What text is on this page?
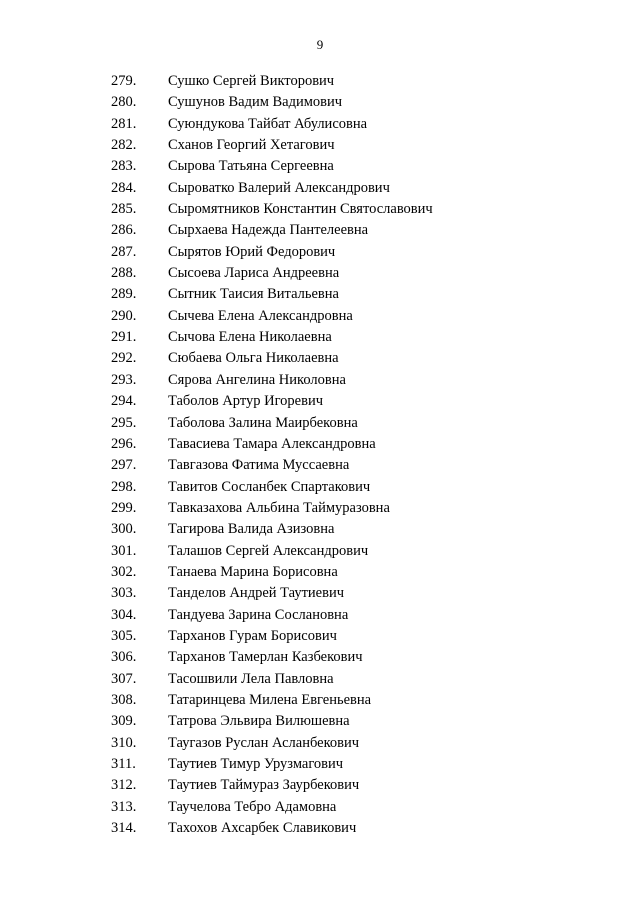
9
279. Сушко Сергей Викторович
280. Сушунов Вадим Вадимович
281. Суюндукова Тайбат Абулисовна
282. Сханов Георгий Хетагович
283. Сырова Татьяна Сергеевна
284. Сыроватко Валерий Александрович
285. Сыромятников Константин Святославович
286. Сырхаева Надежда Пантелеевна
287. Сырятов Юрий Федорович
288. Сысоева Лариса Андреевна
289. Сытник Таисия Витальевна
290. Сычева Елена Александровна
291. Сычова Елена Николаевна
292. Сюбаева Ольга Николаевна
293. Сярова Ангелина Николовна
294. Таболов Артур Игоревич
295. Таболова Залина Маирбековна
296. Тавасиева Тамара Александровна
297. Тавгазова Фатима Муссаевна
298. Тавитов Сосланбек Спартакович
299. Тавказахова Альбина Таймуразовна
300. Тагирова Валида Азизовна
301. Талашов Сергей Александрович
302. Танаева Марина Борисовна
303. Танделов Андрей Таутиевич
304. Тандуева Зарина Сослановна
305. Тарханов Гурам Борисович
306. Тарханов Тамерлан Казбекович
307. Тасошвили Лела Павловна
308. Татаринцева Милена Евгеньевна
309. Татрова Эльвира Вилюшевна
310. Таугазов Руслан Асланбекович
311. Таутиев Тимур Урузмагович
312. Таутиев Таймураз Заурбекович
313. Таучелова Тебро Адамовна
314. Тахохов Ахсарбек Славикович
